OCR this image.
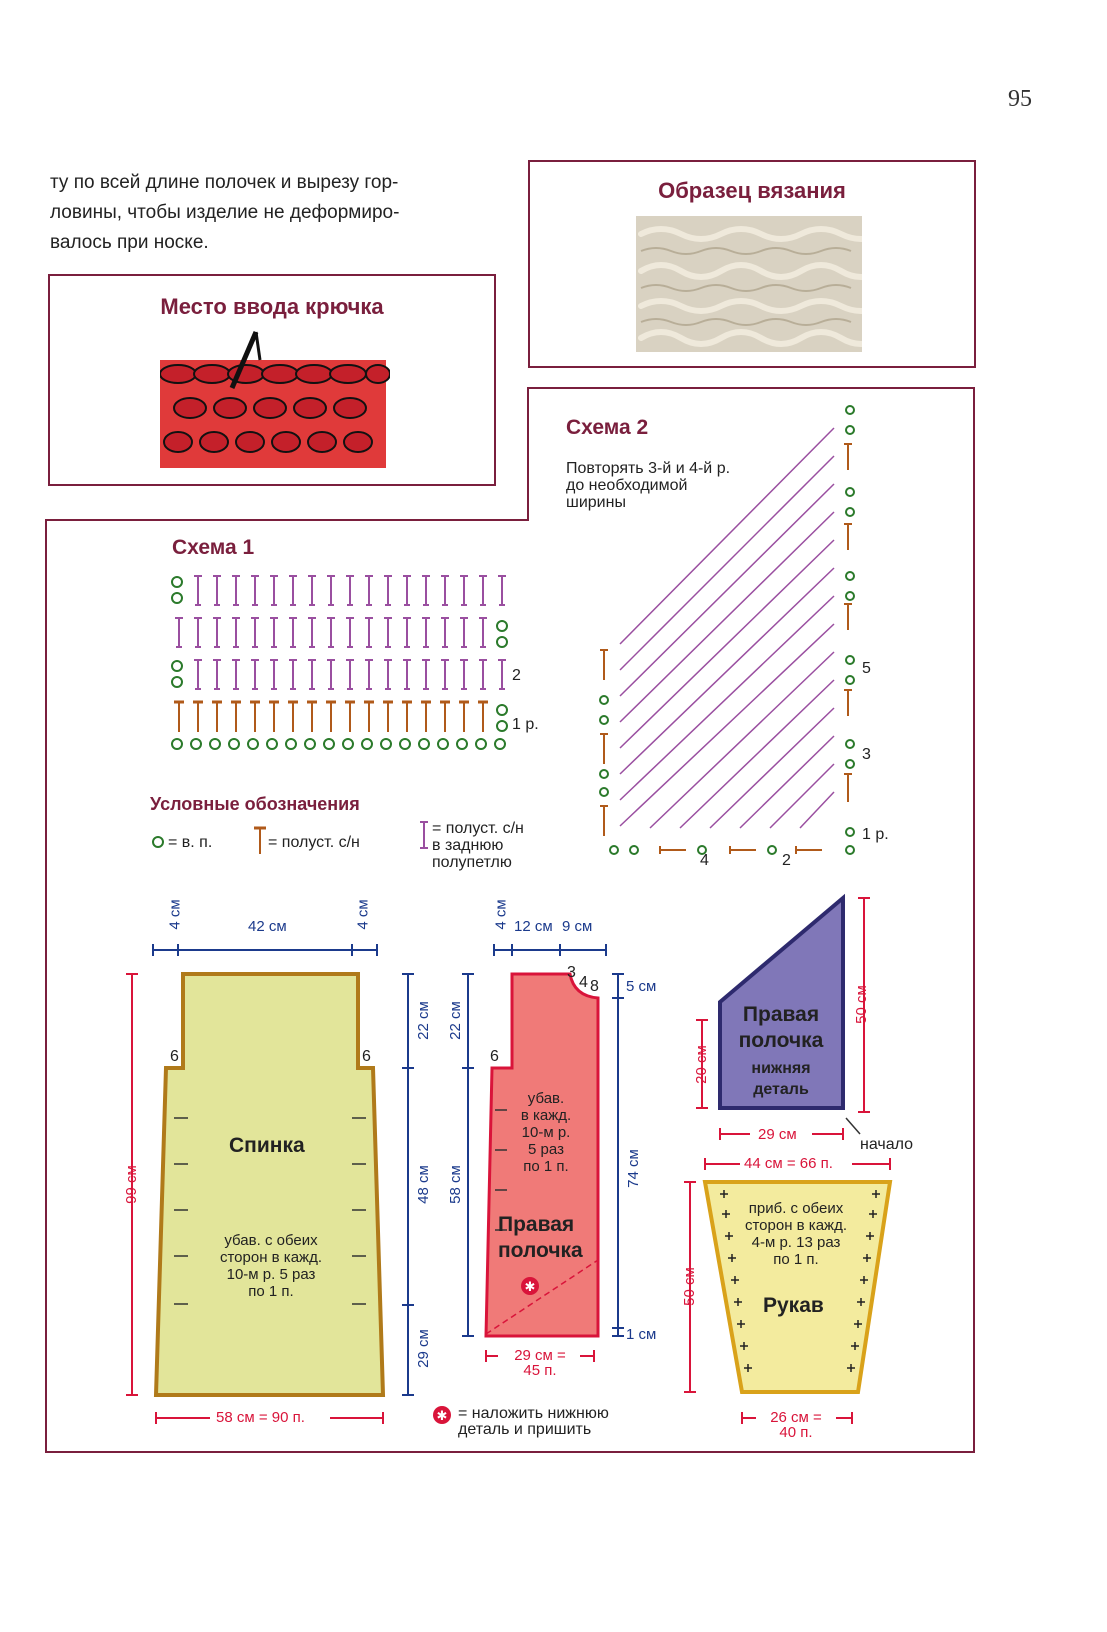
95
ту по всей длине полочек и вырезу гор-
ловины, чтобы изделие не деформиро-
валось при носке.
Образец вязания
Место ввода крючка
Схема 1
2
1 р.
Схема 2
Повторять 3-й и 4-й р.
до необходимой
ширины
5
3
1 р.
4	2
Условные обозначения
= в. п.	= полуст. с/н
= полуст. с/н
в заднюю
полупетлю
✱
✱
4 см	42 см	4 см
99 см
58 см = 90 п.
22 см
48 см
29 см
6	6
Спинка
убав. с обеих
сторон в кажд.
10-м р. 5 раз
по 1 п.
4 см 12 см 9 см
3
4 8
6
22 см
58 см
5 см
74 см
1 см
убав.
в кажд.
10-м р.
5 раз
по 1 п.
Правая
полочка
29 см =
45 п.
Правая
полочка
нижняя
деталь
50 см
20 см
29 см
начало
44 см = 66 п.
50 см
приб. с обеих
сторон в кажд.
4-м р. 13 раз
по 1 п.
Рукав
26 см =
40 п.
= наложить нижнюю
деталь и пришить
